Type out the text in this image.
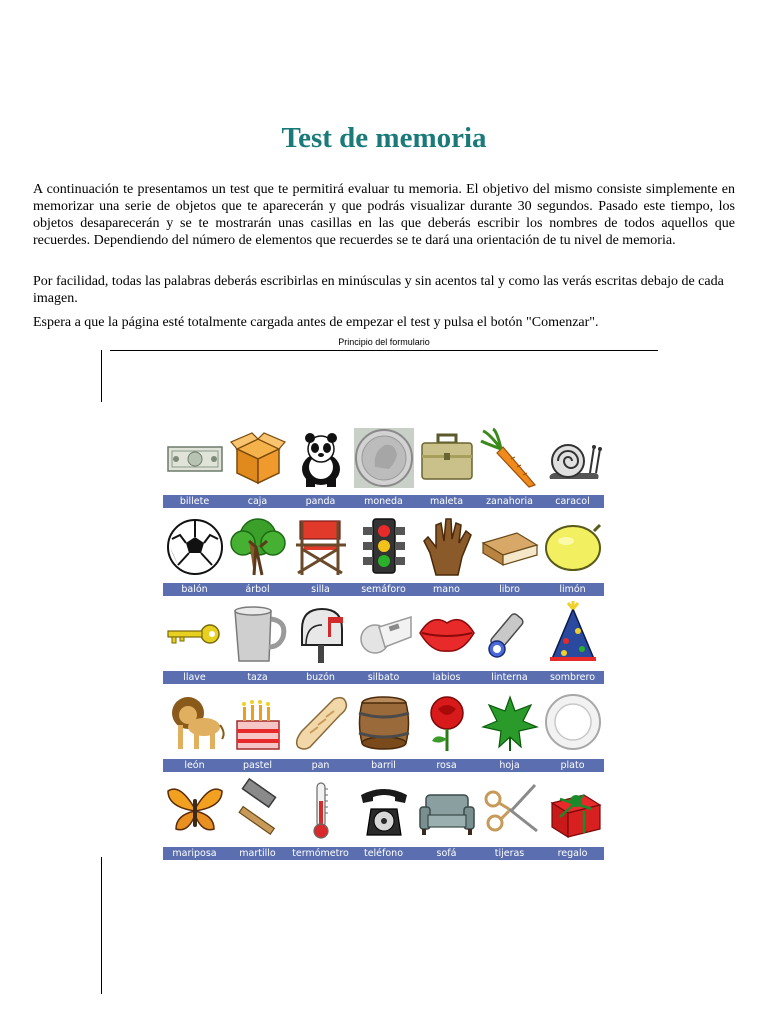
Test de memoria

A continuación te presentamos un test que te permitirá evaluar tu memoria. El objetivo del mismo consiste simplemente en memorizar una serie de objetos que te aparecerán y que podrás visualizar durante 30 segundos. Pasado este tiempo, los objetos desaparecerán y se te mostrarán unas casillas en las que deberás escribir los nombres de todos aquellos que recuerdes. Dependiendo del número de elementos que recuerdes se te dará una orientación de tu nivel de memoria.

Por facilidad, todas las palabras deberás escribirlas en minúsculas y sin acentos tal y como las verás escritas debajo de cada imagen.

Espera a que la página esté totalmente cargada antes de empezar el test y pulsa el botón "Comenzar".

Principio del formulario
billete	caja	panda	moneda	maleta	zanahoria	caracol
balón	árbol	silla	semáforo	mano	libro	limón
llave	taza	buzón	silbato	labios	linterna	sombrero
león	pastel	pan	barril	rosa	hoja	plato
mariposa	martillo	termómetro	teléfono	sofá	tijeras	regalo
